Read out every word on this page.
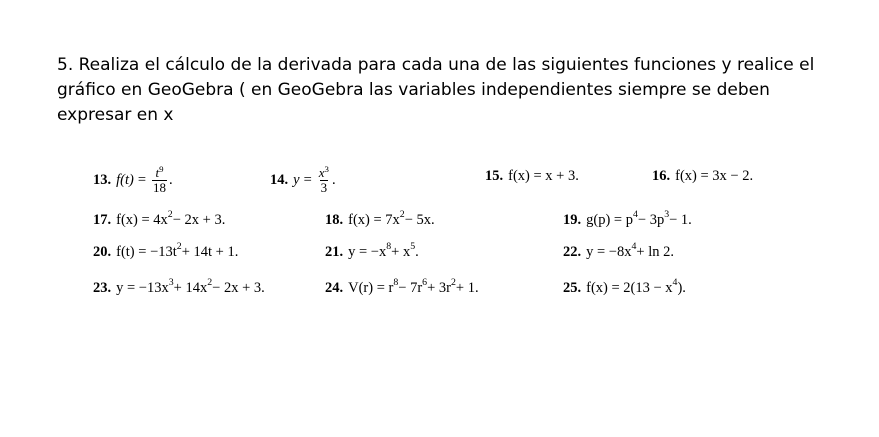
5. Realiza el cálculo de la derivada para cada una de las siguientes funciones y realice el gráfico en GeoGebra ( en GeoGebra las variables independientes siempre se deben expresar en x
13. $f(t) = \frac{t^9}{18}$ .	14. $y = \frac{x^3}{3}$ .	15. f(x) = x + 3.	16. f(x) = 3x − 2.
17. $f(x) = 4x^2 - 2x + 3$.	18. $f(x) = 7x^2 - 5x$.	19. $g(p) = p^4 - 3p^3 - 1$.
20. $f(t) = -13t^2 + 14t + 1$.	21. $y = -x^8 + x^5$ .	22. $y = -8x^4 + \ln 2$.
23. $y = -13x^3 + 14x^2 - 2x + 3$.	24. $V(r) = r^8 - 7r^6 + 3r^2 + 1$.	25. $f(x) = 2(13 - x^4$ ).
